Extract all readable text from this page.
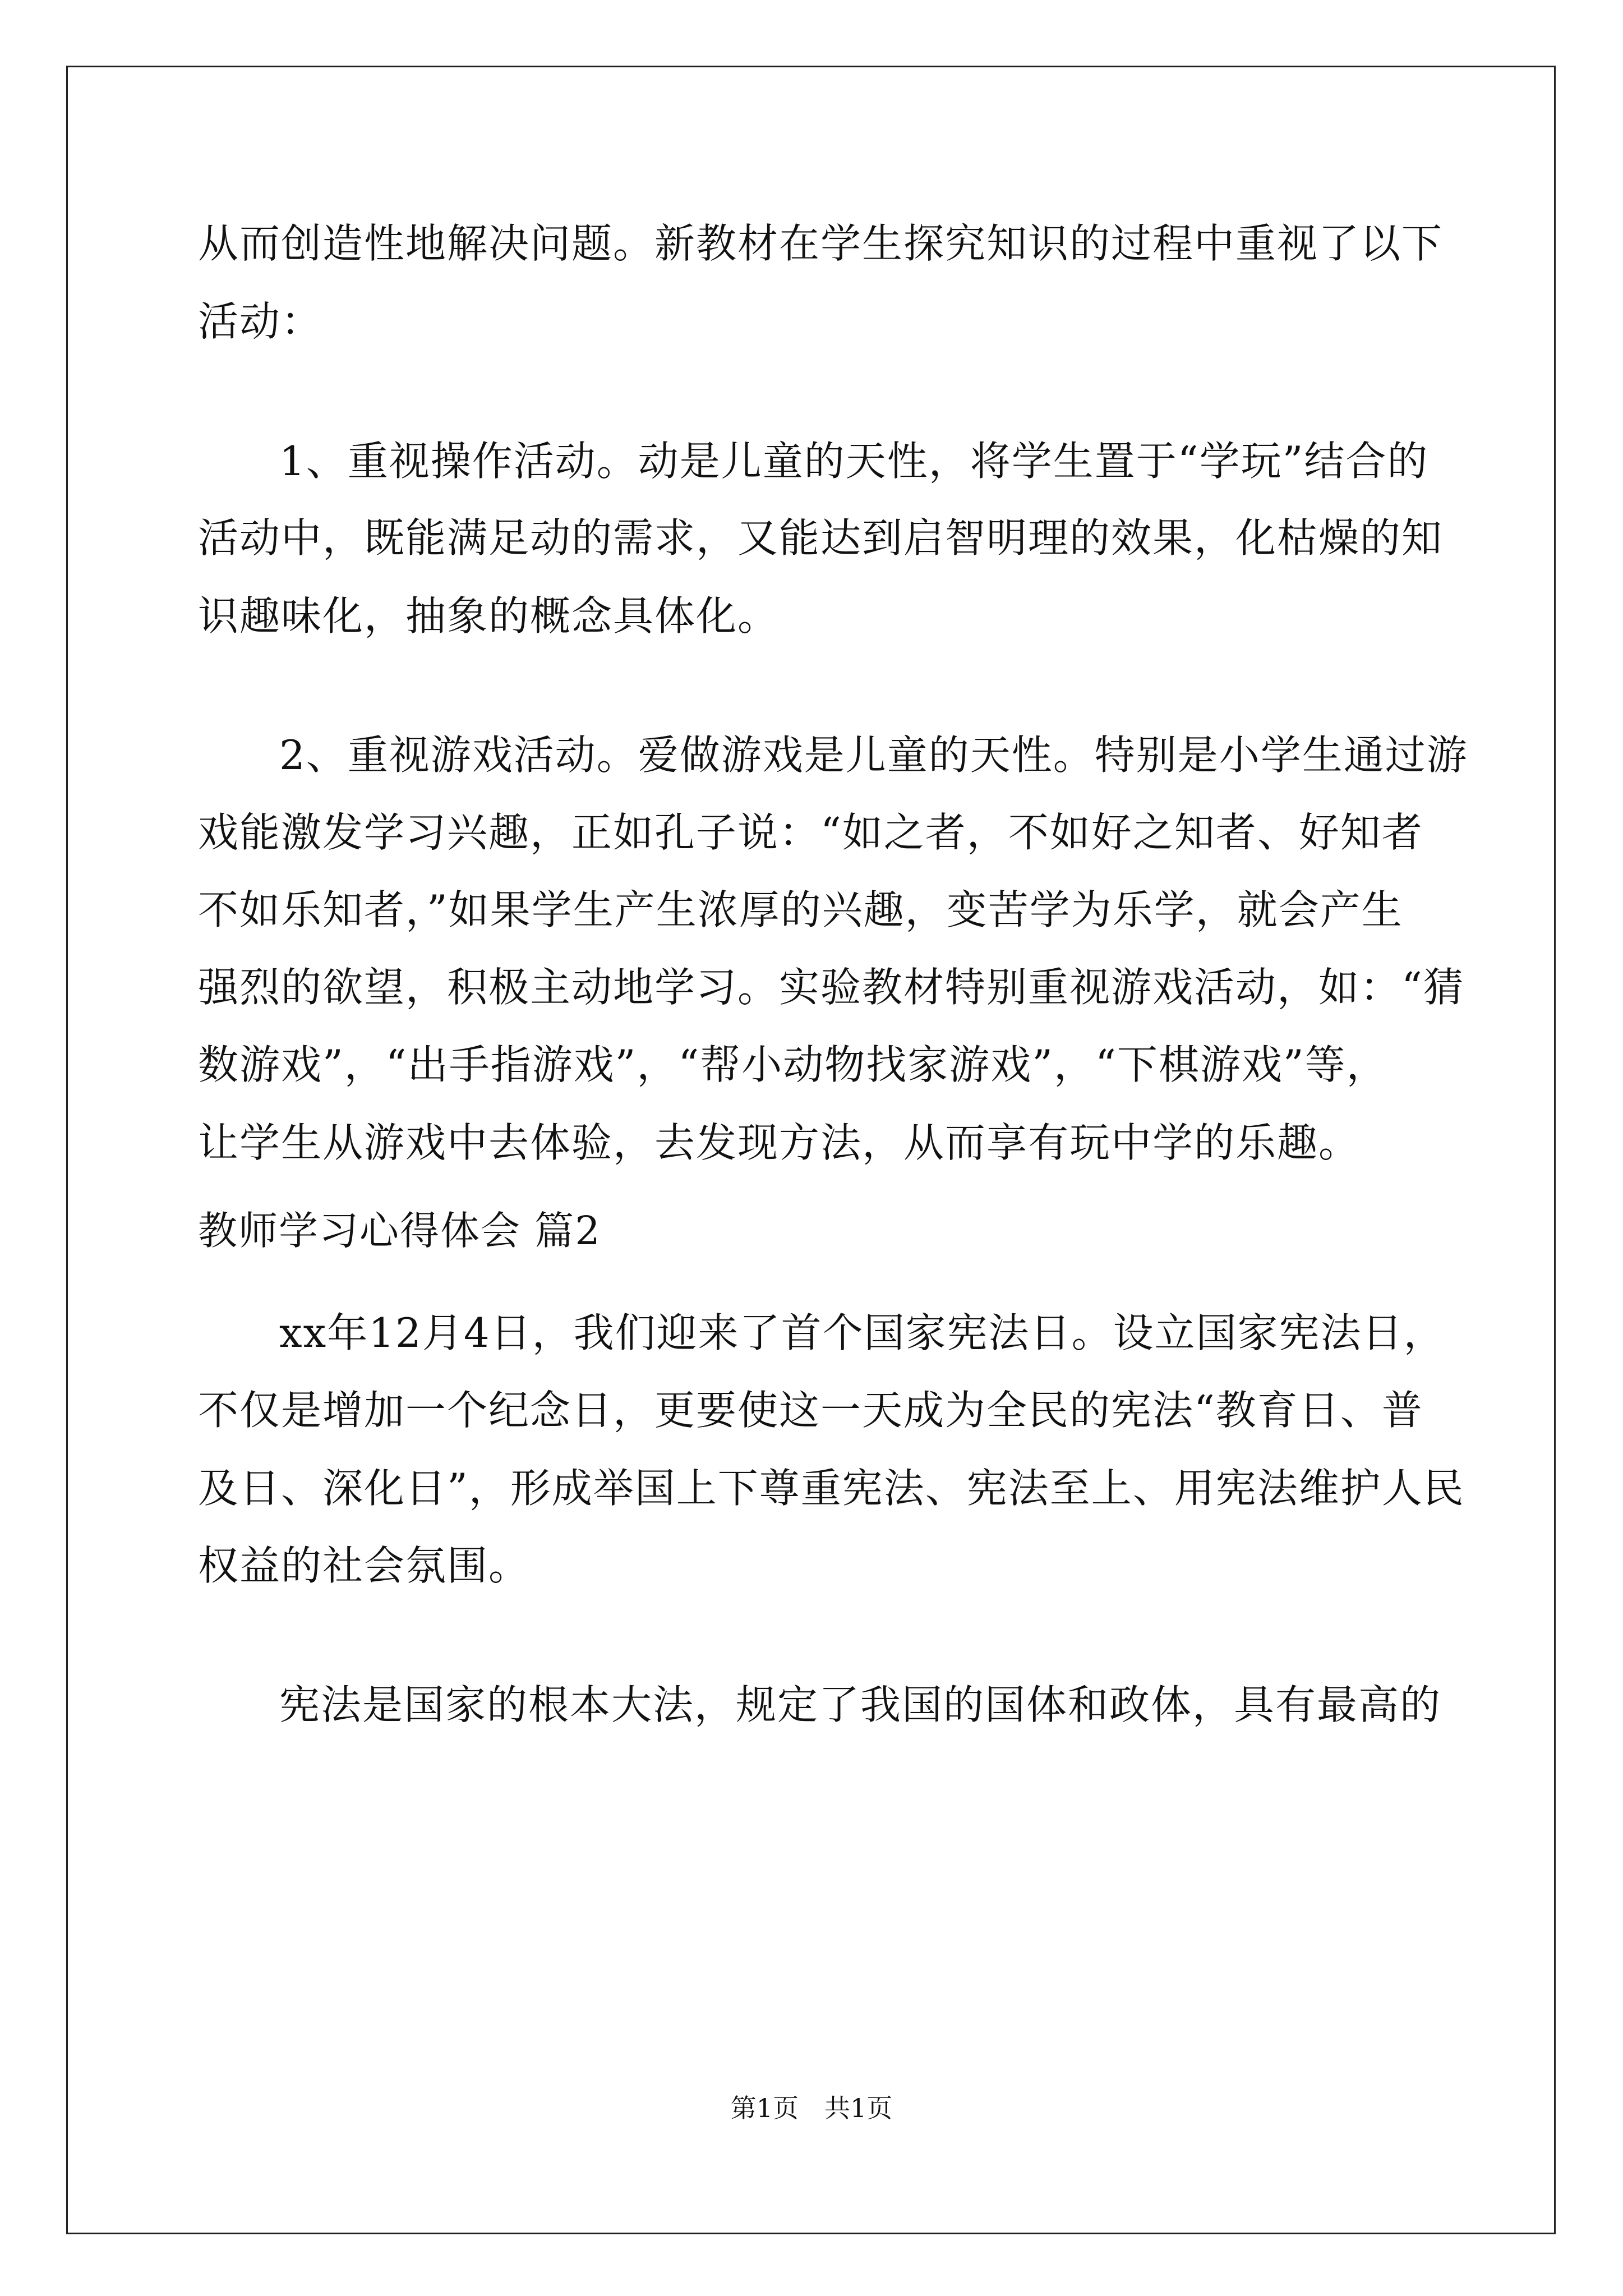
从而创造性地解决问题。新教材在学生探究知识的过程中重视了以下
活动：
1、重视操作活动。动是儿童的天性，将学生置于“学玩”结合的
活动中，既能满足动的需求，又能达到启智明理的效果，化枯燥的知
识趣味化，抽象的概念具体化。
2、重视游戏活动。爱做游戏是儿童的天性。特别是小学生通过游
戏能激发学习兴趣，正如孔子说：“如之者，不如好之知者、好知者
不如乐知者，”如果学生产生浓厚的兴趣，变苦学为乐学，就会产生
强烈的欲望，积极主动地学习。实验教材特别重视游戏活动，如：“猜
数游戏”，“出手指游戏”，“帮小动物找家游戏”，“下棋游戏”等，
让学生从游戏中去体验，去发现方法，从而享有玩中学的乐趣。
教师学习心得体会 篇2
xx年12月4日，我们迎来了首个国家宪法日。设立国家宪法日，
不仅是增加一个纪念日，更要使这一天成为全民的宪法“教育日、普
及日、深化日”，形成举国上下尊重宪法、宪法至上、用宪法维护人民
权益的社会氛围。
宪法是国家的根本大法，规定了我国的国体和政体，具有最高的
第1页　共1页
